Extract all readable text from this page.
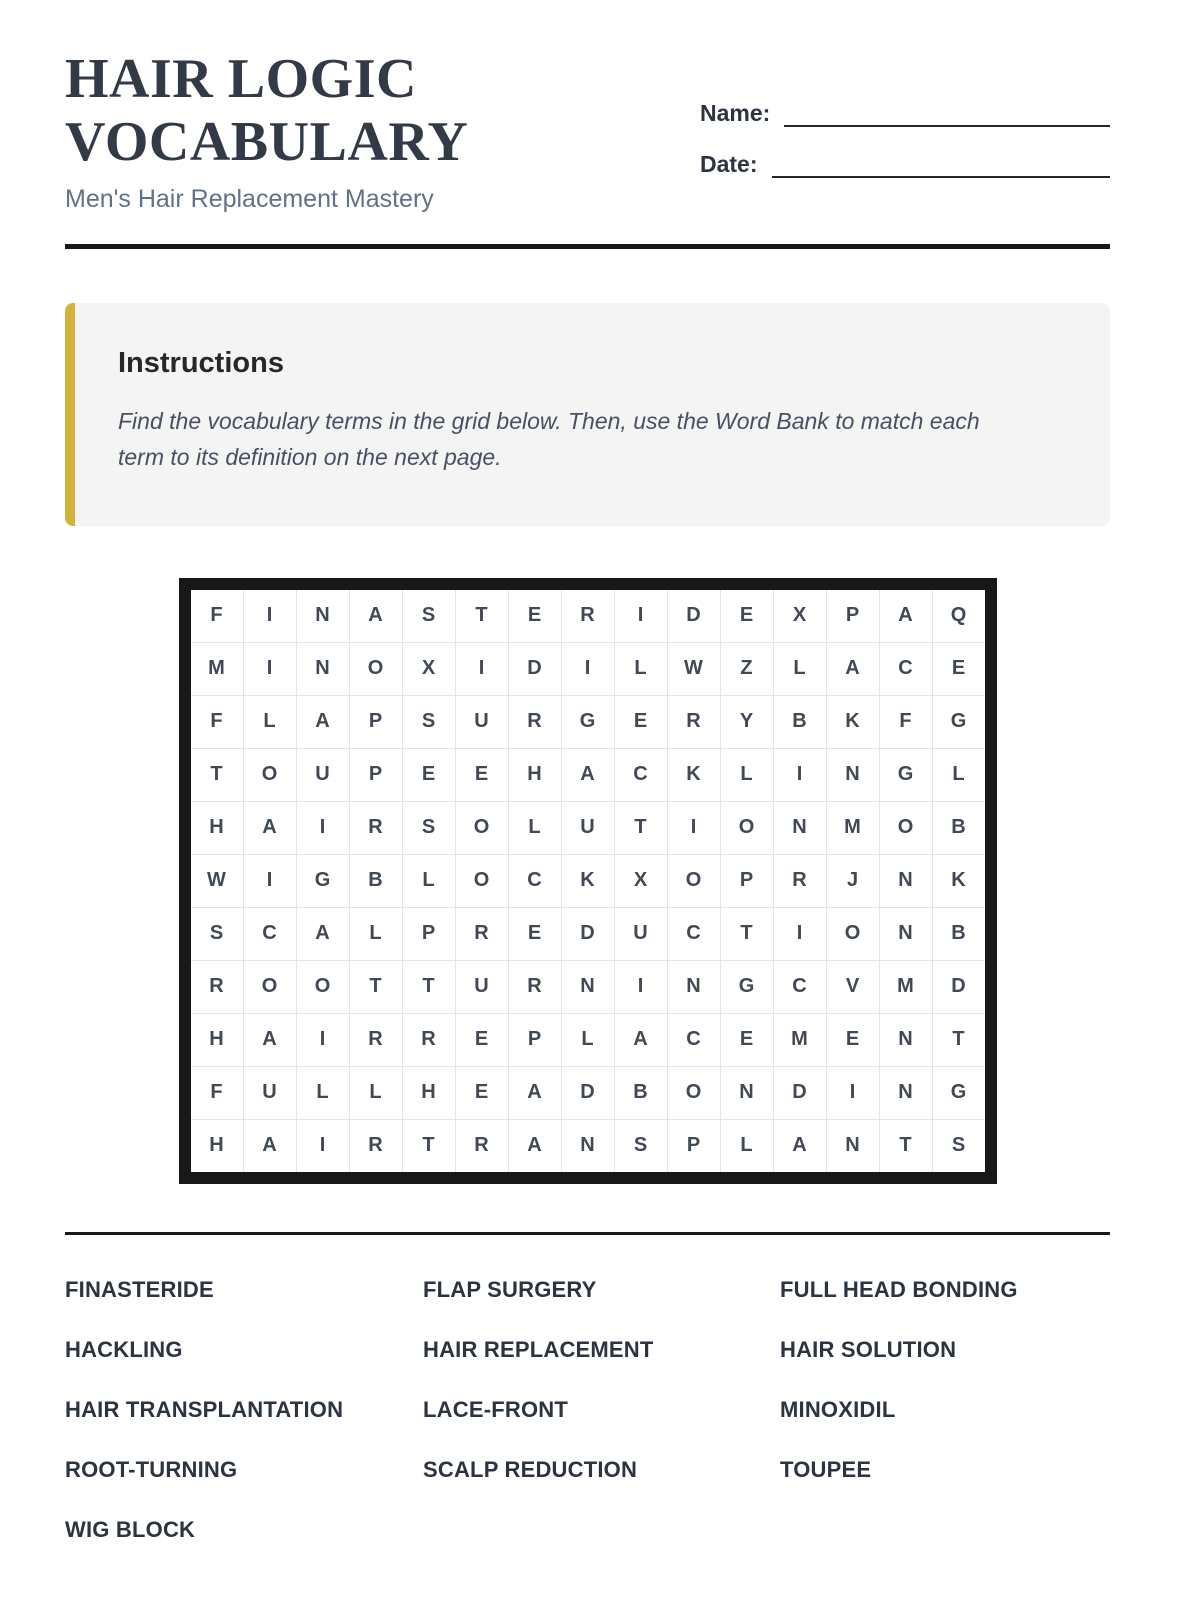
HAIR LOGIC
VOCABULARY

Men's Hair Replacement Mastery

Name:
Date:
Instructions

Find the vocabulary terms in the grid below. Then, use the Word Bank to match each term to its definition on the next page.

F	I	N	A	S	T	E	R	I	D	E	X	P	A	Q
M	I	N	O	X	I	D	I	L	W	Z	L	A	C	E
F	L	A	P	S	U	R	G	E	R	Y	B	K	F	G
T	O	U	P	E	E	H	A	C	K	L	I	N	G	L
H	A	I	R	S	O	L	U	T	I	O	N	M	O	B
W	I	G	B	L	O	C	K	X	O	P	R	J	N	K
S	C	A	L	P	R	E	D	U	C	T	I	O	N	B
R	O	O	T	T	U	R	N	I	N	G	C	V	M	D
H	A	I	R	R	E	P	L	A	C	E	M	E	N	T
F	U	L	L	H	E	A	D	B	O	N	D	I	N	G
H	A	I	R	T	R	A	N	S	P	L	A	N	T	S
FINASTERIDE	FLAP SURGERY	FULL HEAD BONDING
HACKLING	HAIR REPLACEMENT	HAIR SOLUTION
HAIR TRANSPLANTATION	LACE-FRONT	MINOXIDIL
ROOT-TURNING	SCALP REDUCTION	TOUPEE
WIG BLOCK
